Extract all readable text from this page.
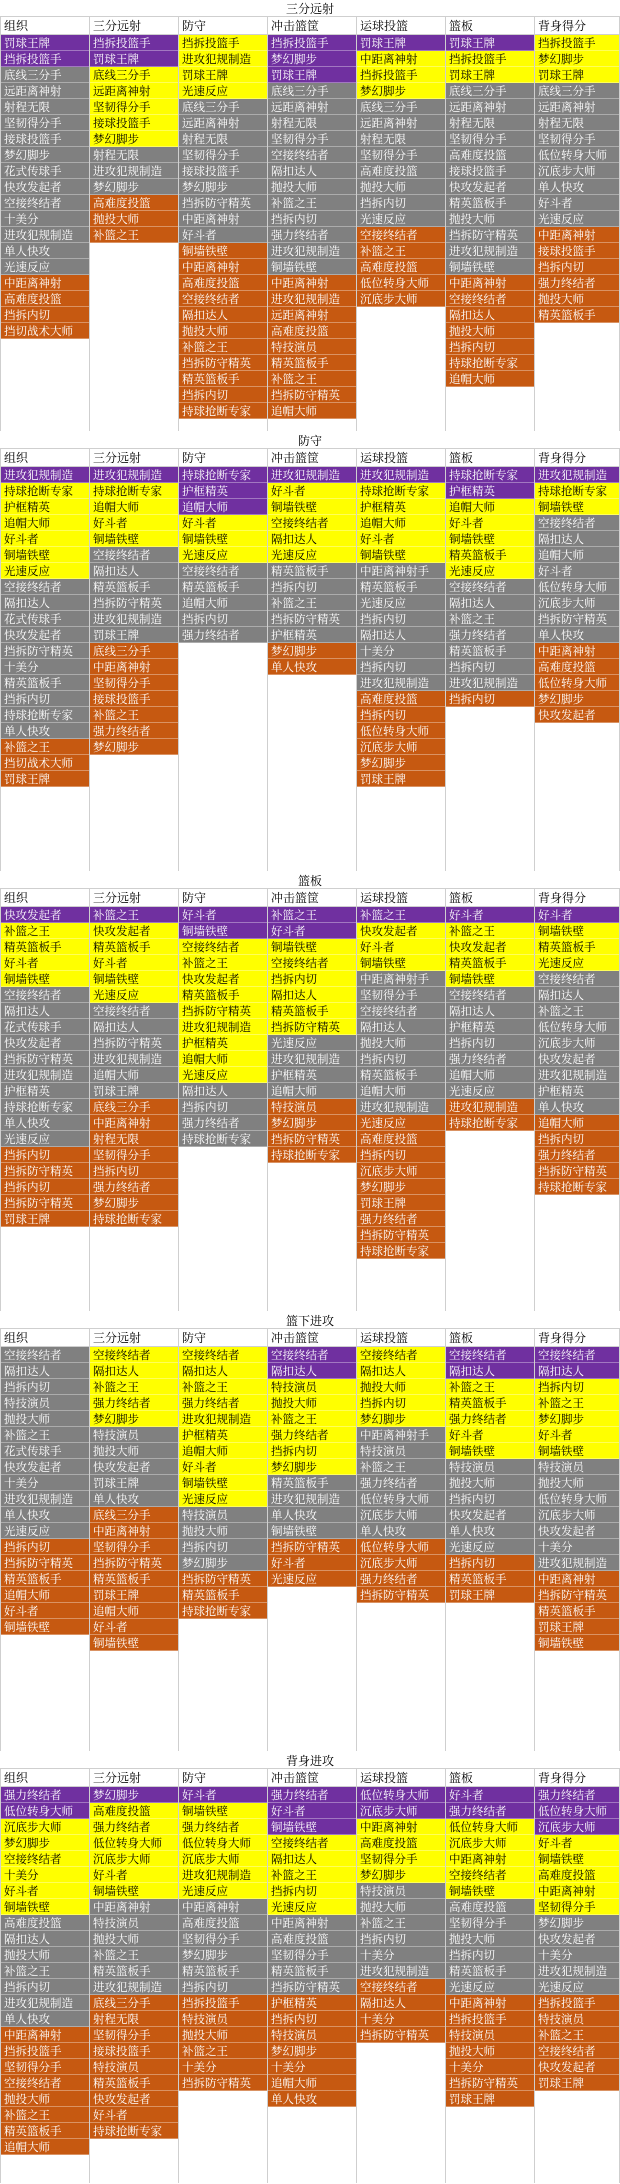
三分远射
组织
罚球王牌
挡拆投篮手
底线三分手
远距离神射
射程无限
坚韧得分手
接球投篮手
梦幻脚步
花式传球手
快攻发起者
空接终结者
十美分
进攻犯规制造
单人快攻
光速反应
中距离神射
高难度投篮
挡拆内切
挡切战术大师
三分远射
挡拆投篮手
罚球王牌
底线三分手
远距离神射
坚韧得分手
接球投篮手
梦幻脚步
射程无限
进攻犯规制造
梦幻脚步
高难度投篮
抛投大师
补篮之王
防守
挡拆投篮手
进攻犯规制造
罚球王牌
光速反应
底线三分手
远距离神射
射程无限
坚韧得分手
接球投篮手
梦幻脚步
挡拆防守精英
中距离神射
好斗者
铜墙铁壁
中距离神射
高难度投篮
空接终结者
隔扣达人
抛投大师
补篮之王
挡拆防守精英
精英篮板手
挡拆内切
持球抢断专家
冲击篮筐
挡拆投篮手
梦幻脚步
罚球王牌
底线三分手
远距离神射
射程无限
坚韧得分手
空接终结者
隔扣达人
抛投大师
补篮之王
挡拆内切
强力终结者
进攻犯规制造
铜墙铁壁
中距离神射
进攻犯规制造
远距离神射
高难度投篮
特技演员
精英篮板手
补篮之王
挡拆防守精英
追帽大师
运球投篮
罚球王牌
中距离神射
挡拆投篮手
梦幻脚步
底线三分手
远距离神射
射程无限
坚韧得分手
高难度投篮
抛投大师
挡拆内切
光速反应
空接终结者
补篮之王
高难度投篮
低位转身大师
沉底步大师
篮板
罚球王牌
挡拆投篮手
罚球王牌
底线三分手
远距离神射
射程无限
坚韧得分手
高难度投篮
接球投篮手
快攻发起者
精英篮板手
抛投大师
挡拆防守精英
进攻犯规制造
铜墙铁壁
中距离神射
空接终结者
隔扣达人
抛投大师
挡拆内切
持球抢断专家
追帽大师
背身得分
挡拆投篮手
梦幻脚步
罚球王牌
底线三分手
远距离神射
射程无限
坚韧得分手
低位转身大师
沉底步大师
单人快攻
好斗者
光速反应
中距离神射
接球投篮手
挡拆内切
强力终结者
抛投大师
精英篮板手
防守
组织
进攻犯规制造
持球抢断专家
护框精英
追帽大师
好斗者
铜墙铁壁
光速反应
空接终结者
隔扣达人
花式传球手
快攻发起者
挡拆防守精英
十美分
精英篮板手
挡拆内切
持球抢断专家
单人快攻
补篮之王
挡切战术大师
罚球王牌
三分远射
进攻犯规制造
持球抢断专家
追帽大师
好斗者
铜墙铁壁
空接终结者
隔扣达人
精英篮板手
挡拆防守精英
进攻犯规制造
罚球王牌
底线三分手
中距离神射
坚韧得分手
接球投篮手
补篮之王
强力终结者
梦幻脚步
防守
持球抢断专家
护框精英
追帽大师
好斗者
铜墙铁壁
光速反应
空接终结者
精英篮板手
追帽大师
挡拆内切
强力终结者
冲击篮筐
进攻犯规制造
好斗者
铜墙铁壁
空接终结者
隔扣达人
光速反应
精英篮板手
挡拆内切
补篮之王
挡拆防守精英
护框精英
梦幻脚步
单人快攻
运球投篮
进攻犯规制造
持球抢断专家
护框精英
追帽大师
好斗者
铜墙铁壁
中距离神射手
精英篮板手
光速反应
挡拆内切
隔扣达人
十美分
挡拆内切
进攻犯规制造
高难度投篮
挡拆内切
低位转身大师
沉底步大师
梦幻脚步
罚球王牌
篮板
持球抢断专家
护框精英
追帽大师
好斗者
铜墙铁壁
精英篮板手
光速反应
空接终结者
隔扣达人
补篮之王
强力终结者
精英篮板手
挡拆内切
进攻犯规制造
挡拆内切
背身得分
进攻犯规制造
持球抢断专家
铜墙铁壁
空接终结者
隔扣达人
追帽大师
好斗者
低位转身大师
沉底步大师
挡拆防守精英
单人快攻
中距离神射
高难度投篮
低位转身大师
梦幻脚步
快攻发起者
篮板
组织
快攻发起者
补篮之王
精英篮板手
好斗者
铜墙铁壁
空接终结者
隔扣达人
花式传球手
快攻发起者
挡拆防守精英
进攻犯规制造
护框精英
持球抢断专家
单人快攻
光速反应
挡拆内切
挡拆防守精英
挡拆内切
挡拆防守精英
罚球王牌
三分远射
补篮之王
快攻发起者
精英篮板手
好斗者
铜墙铁壁
光速反应
空接终结者
隔扣达人
挡拆防守精英
进攻犯规制造
追帽大师
罚球王牌
底线三分手
中距离神射
射程无限
坚韧得分手
挡拆内切
强力终结者
梦幻脚步
持球抢断专家
防守
好斗者
铜墙铁壁
空接终结者
补篮之王
快攻发起者
精英篮板手
挡拆防守精英
进攻犯规制造
护框精英
追帽大师
光速反应
隔扣达人
挡拆内切
强力终结者
持球抢断专家
冲击篮筐
补篮之王
好斗者
铜墙铁壁
空接终结者
挡拆内切
隔扣达人
精英篮板手
挡拆防守精英
光速反应
进攻犯规制造
护框精英
追帽大师
特技演员
梦幻脚步
挡拆防守精英
持球抢断专家
运球投篮
补篮之王
快攻发起者
好斗者
铜墙铁壁
中距离神射手
坚韧得分手
空接终结者
隔扣达人
抛投大师
挡拆内切
精英篮板手
追帽大师
进攻犯规制造
光速反应
高难度投篮
挡拆内切
沉底步大师
梦幻脚步
罚球王牌
强力终结者
挡拆防守精英
持球抢断专家
篮板
好斗者
补篮之王
快攻发起者
精英篮板手
铜墙铁壁
空接终结者
隔扣达人
护框精英
挡拆内切
强力终结者
追帽大师
光速反应
进攻犯规制造
持球抢断专家
背身得分
好斗者
铜墙铁壁
精英篮板手
光速反应
空接终结者
隔扣达人
补篮之王
低位转身大师
沉底步大师
快攻发起者
进攻犯规制造
护框精英
单人快攻
追帽大师
挡拆内切
强力终结者
挡拆防守精英
持球抢断专家
篮下进攻
组织
空接终结者
隔扣达人
挡拆内切
特技演员
抛投大师
补篮之王
花式传球手
快攻发起者
十美分
进攻犯规制造
单人快攻
光速反应
挡拆内切
挡拆防守精英
精英篮板手
追帽大师
好斗者
铜墙铁壁
三分远射
空接终结者
隔扣达人
补篮之王
强力终结者
梦幻脚步
特技演员
抛投大师
快攻发起者
罚球王牌
单人快攻
底线三分手
中距离神射
坚韧得分手
挡拆防守精英
精英篮板手
罚球王牌
追帽大师
好斗者
铜墙铁壁
防守
空接终结者
隔扣达人
补篮之王
强力终结者
进攻犯规制造
护框精英
追帽大师
好斗者
铜墙铁壁
光速反应
特技演员
抛投大师
挡拆内切
梦幻脚步
挡拆防守精英
精英篮板手
持球抢断专家
冲击篮筐
空接终结者
隔扣达人
特技演员
抛投大师
补篮之王
强力终结者
挡拆内切
梦幻脚步
精英篮板手
进攻犯规制造
单人快攻
铜墙铁壁
挡拆防守精英
好斗者
光速反应
运球投篮
空接终结者
隔扣达人
抛投大师
挡拆内切
梦幻脚步
中距离神射手
特技演员
补篮之王
强力终结者
低位转身大师
沉底步大师
单人快攻
低位转身大师
沉底步大师
强力终结者
挡拆防守精英
篮板
空接终结者
隔扣达人
补篮之王
精英篮板手
强力终结者
好斗者
铜墙铁壁
特技演员
抛投大师
挡拆内切
快攻发起者
单人快攻
光速反应
挡拆内切
精英篮板手
罚球王牌
背身得分
空接终结者
隔扣达人
挡拆内切
补篮之王
梦幻脚步
好斗者
铜墙铁壁
特技演员
抛投大师
低位转身大师
沉底步大师
快攻发起者
十美分
进攻犯规制造
中距离神射
挡拆防守精英
精英篮板手
罚球王牌
铜墙铁壁
背身进攻
组织
强力终结者
低位转身大师
沉底步大师
梦幻脚步
空接终结者
十美分
好斗者
铜墙铁壁
高难度投篮
隔扣达人
抛投大师
补篮之王
挡拆内切
进攻犯规制造
单人快攻
中距离神射
挡拆投篮手
坚韧得分手
空接终结者
抛投大师
补篮之王
精英篮板手
追帽大师
三分远射
梦幻脚步
高难度投篮
强力终结者
低位转身大师
沉底步大师
好斗者
铜墙铁壁
中距离神射
特技演员
抛投大师
补篮之王
精英篮板手
进攻犯规制造
底线三分手
射程无限
坚韧得分手
接球投篮手
特技演员
精英篮板手
快攻发起者
好斗者
持球抢断专家
防守
好斗者
铜墙铁壁
强力终结者
低位转身大师
沉底步大师
进攻犯规制造
光速反应
中距离神射
高难度投篮
坚韧得分手
梦幻脚步
精英篮板手
挡拆内切
挡拆投篮手
特技演员
抛投大师
补篮之王
十美分
挡拆防守精英
冲击篮筐
强力终结者
好斗者
铜墙铁壁
空接终结者
隔扣达人
补篮之王
挡拆内切
光速反应
中距离神射
高难度投篮
坚韧得分手
精英篮板手
挡拆防守精英
护框精英
挡拆内切
特技演员
梦幻脚步
十美分
追帽大师
单人快攻
运球投篮
低位转身大师
沉底步大师
中距离神射
高难度投篮
坚韧得分手
梦幻脚步
特技演员
抛投大师
补篮之王
挡拆内切
十美分
进攻犯规制造
空接终结者
隔扣达人
十美分
挡拆防守精英
篮板
好斗者
强力终结者
低位转身大师
沉底步大师
中距离神射
空接终结者
铜墙铁壁
高难度投篮
坚韧得分手
抛投大师
挡拆内切
精英篮板手
光速反应
中距离神射
挡拆投篮手
特技演员
抛投大师
十美分
挡拆防守精英
罚球王牌
背身得分
强力终结者
低位转身大师
沉底步大师
好斗者
铜墙铁壁
高难度投篮
中距离神射
坚韧得分手
梦幻脚步
快攻发起者
十美分
进攻犯规制造
光速反应
挡拆投篮手
特技演员
补篮之王
空接终结者
快攻发起者
罚球王牌
